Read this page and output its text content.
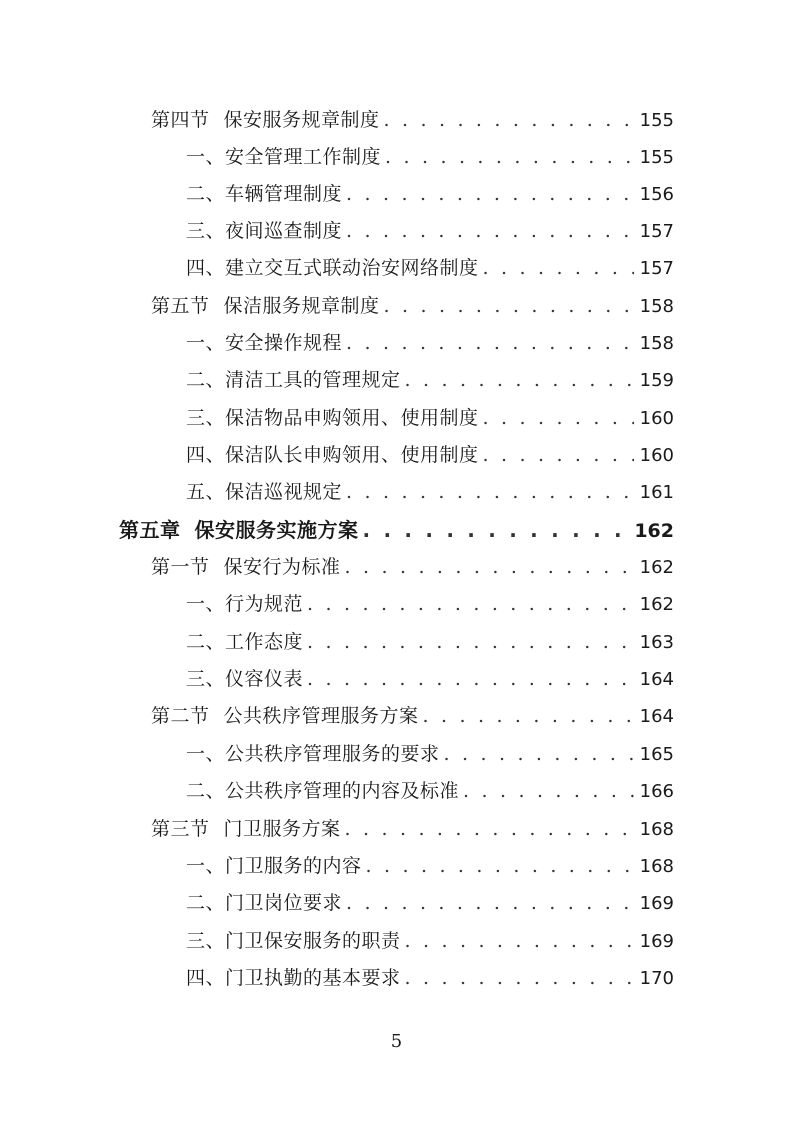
第四节 保安服务规章制度 . . .	155
一、安全管理工作制度 . . .	155
二、车辆管理制度 . . .	156
三、夜间巡查制度 . . .	157
四、建立交互式联动治安网络制度 . . .	157
第五节 保洁服务规章制度 . . .	158
一、安全操作规程 . . .	158
二、清洁工具的管理规定 . . .	159
三、保洁物品申购领用、使用制度 . . .	160
四、保洁队长申购领用、使用制度 . . .	160
五、保洁巡视规定 . . .	161
第五章 保安服务实施方案 . . .	162
第一节 保安行为标准 . . .	162
一、行为规范 . . .	162
二、工作态度 . . .	163
三、仪容仪表 . . .	164
第二节 公共秩序管理服务方案 . . .	164
一、公共秩序管理服务的要求 . . .	165
二、公共秩序管理的内容及标准 . . .	166
第三节 门卫服务方案 . . .	168
一、门卫服务的内容 . . .	168
二、门卫岗位要求 . . .	169
三、门卫保安服务的职责 . . .	169
四、门卫执勤的基本要求 . . .	170
5
